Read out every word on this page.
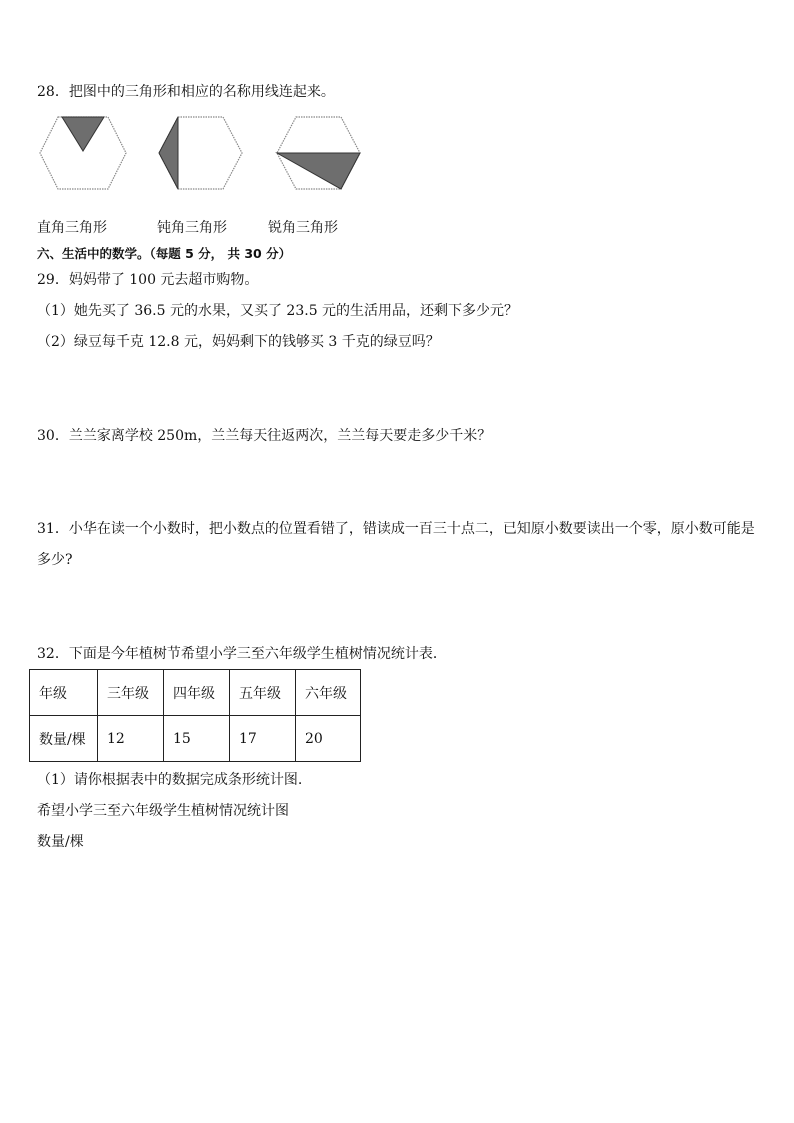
28．把图中的三角形和相应的名称用线连起来。
直角三角形	钝角三角形	锐角三角形
六、生活中的数学。（每题 5 分， 共 30 分）
29．妈妈带了 100 元去超市购物。
（1）她先买了 36.5 元的水果，又买了 23.5 元的生活用品，还剩下多少元？
（2）绿豆每千克 12.8 元，妈妈剩下的钱够买 3 千克的绿豆吗？
30．兰兰家离学校 250m，兰兰每天往返两次，兰兰每天要走多少千米？
31．小华在读一个小数时，把小数点的位置看错了，错读成一百三十点二，已知原小数要读出一个零，原小数可能是
多少?
32．下面是今年植树节希望小学三至六年级学生植树情况统计表．
年级	三年级	四年级	五年级	六年级
数量/棵	12	15	17	20
（1）请你根据表中的数据完成条形统计图.
希望小学三至六年级学生植树情况统计图
数量/棵
